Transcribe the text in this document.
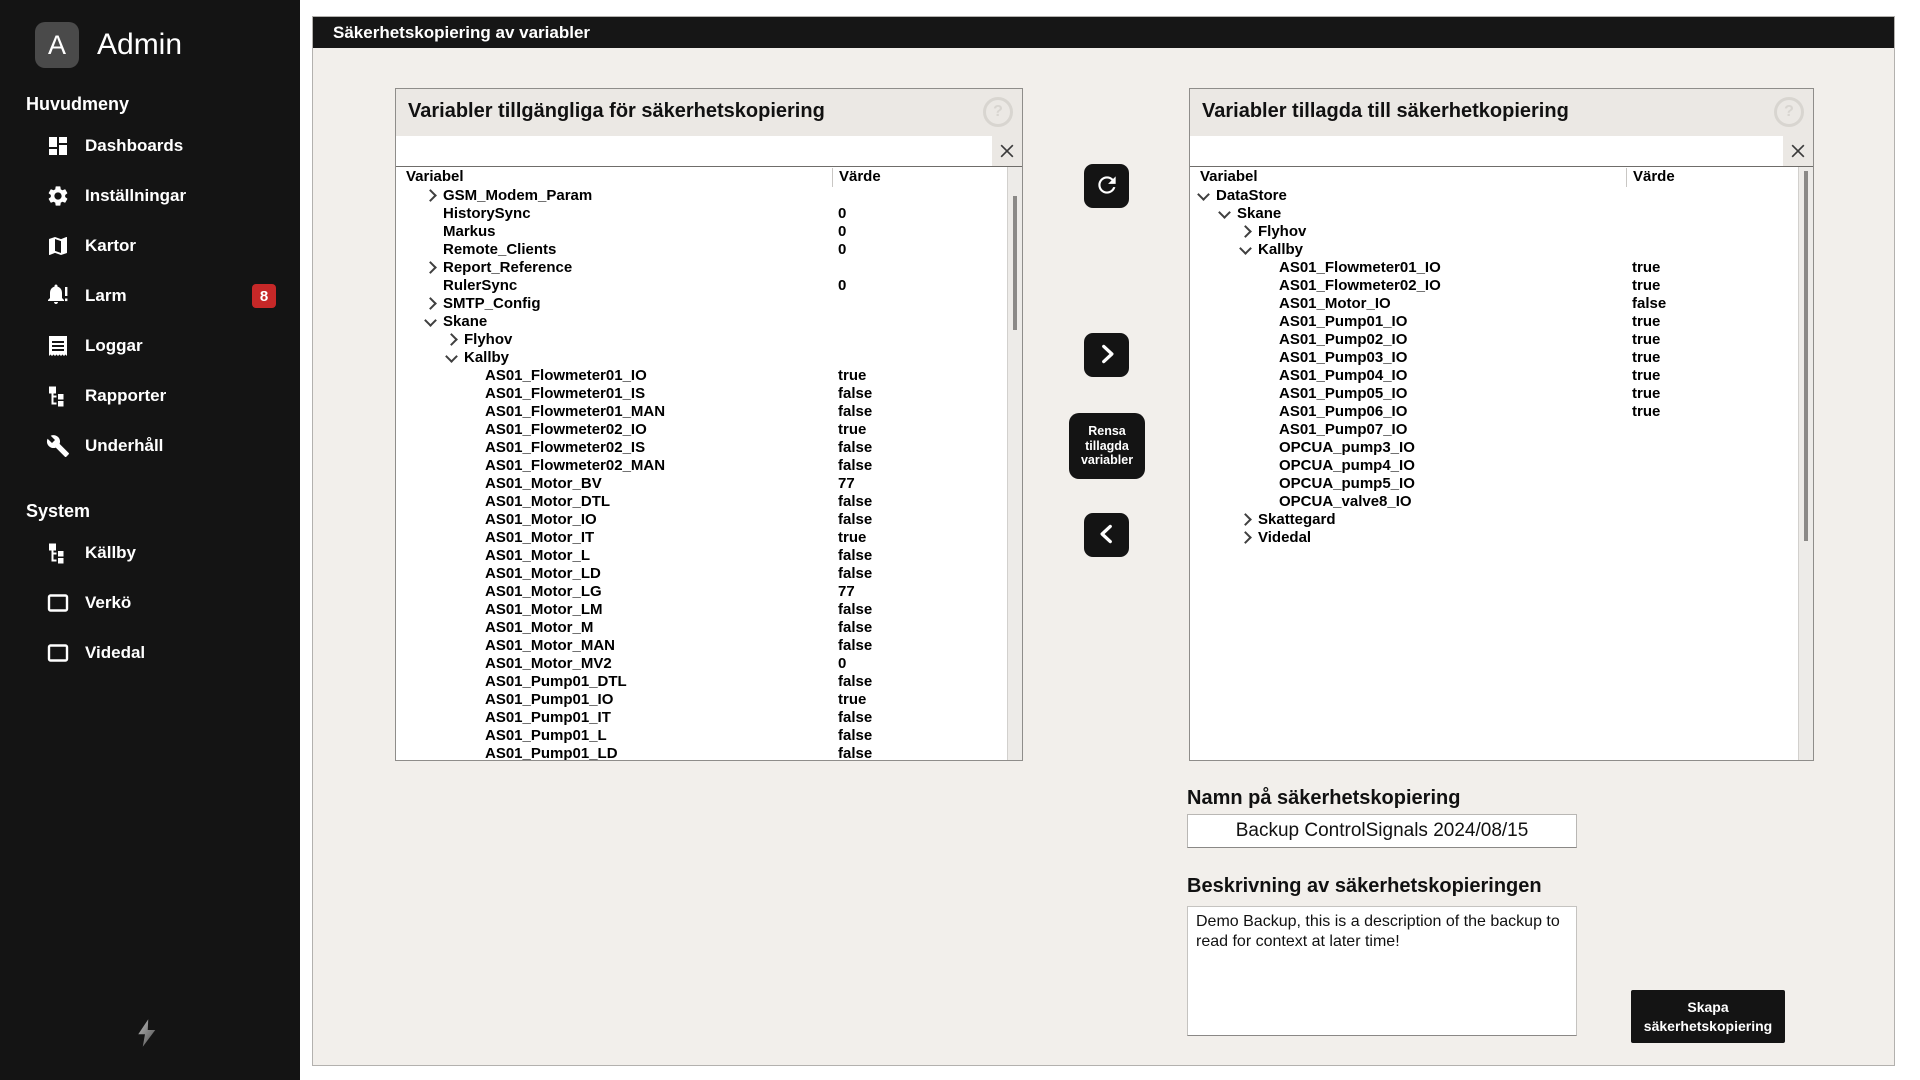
A	Admin
Huvudmeny
Dashboards
Inställningar
Kartor
Larm	8
Loggar
Rapporter
Underhåll
System
Källby
Verkö
Videdal
Säkerhetskopiering av variabler
Variabler tillgängliga för säkerhetskopiering	?
Variabel	Värde
GSM_Modem_Param
HistorySync	0
Markus	0
Remote_Clients	0
Report_Reference
RulerSync	0
SMTP_Config
Skane
Flyhov
Kallby
AS01_Flowmeter01_IO	true
AS01_Flowmeter01_IS	false
AS01_Flowmeter01_MAN	false
AS01_Flowmeter02_IO	true
AS01_Flowmeter02_IS	false
AS01_Flowmeter02_MAN	false
AS01_Motor_BV	77
AS01_Motor_DTL	false
AS01_Motor_IO	false
AS01_Motor_IT	true
AS01_Motor_L	false
AS01_Motor_LD	false
AS01_Motor_LG	77
AS01_Motor_LM	false
AS01_Motor_M	false
AS01_Motor_MAN	false
AS01_Motor_MV2	0
AS01_Pump01_DTL	false
AS01_Pump01_IO	true
AS01_Pump01_IT	false
AS01_Pump01_L	false
AS01_Pump01_LD	false
Rensa tillagda variabler
Variabler tillagda till säkerhetkopiering	?
Variabel	Värde
DataStore
Skane
Flyhov
Kallby
AS01_Flowmeter01_IO	true
AS01_Flowmeter02_IO	true
AS01_Motor_IO	false
AS01_Pump01_IO	true
AS01_Pump02_IO	true
AS01_Pump03_IO	true
AS01_Pump04_IO	true
AS01_Pump05_IO	true
AS01_Pump06_IO	true
AS01_Pump07_IO
OPCUA_pump3_IO
OPCUA_pump4_IO
OPCUA_pump5_IO
OPCUA_valve8_IO
Skattegard
Videdal
Namn på säkerhetskopiering
Backup ControlSignals 2024/08/15
Beskrivning av säkerhetskopieringen
Demo Backup, this is a description of the backup to read for context at later time!
Skapa säkerhetskopiering
